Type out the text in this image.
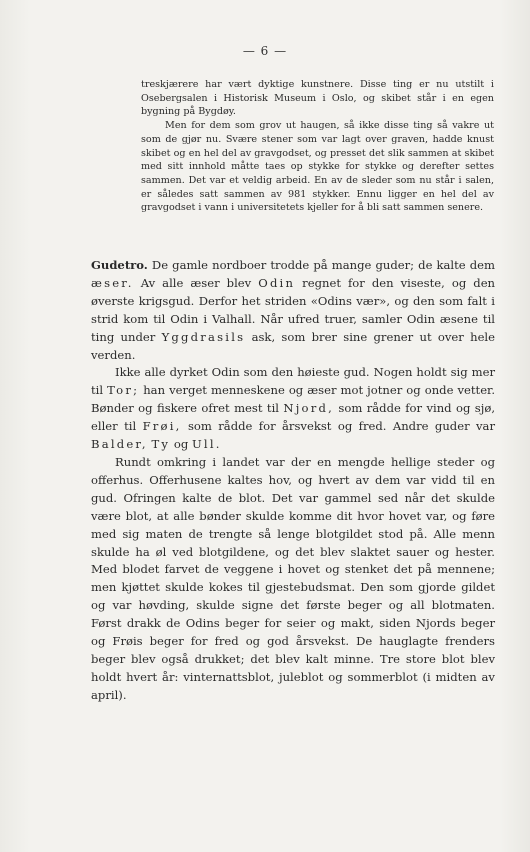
— 6 —

treskjærere har vært dyktige kunstnere. Disse ting er nu utstilt i Osebergsalen i Historisk Museum i Oslo, og skibet står i en egen bygning på Bygdøy.

Men for dem som grov ut haugen, så ikke disse ting så vakre ut som de gjør nu. Svære stener som var lagt over graven, hadde knust skibet og en hel del av gravgodset, og presset det slik sammen at skibet med sitt innhold måtte taes op stykke for stykke og derefter settes sammen. Det var et veldig arbeid. En av de sleder som nu står i salen, er således satt sammen av 981 stykker. Ennu ligger en hel del av gravgodset i vann i universitetets kjeller for å bli satt sammen senere.

Gudetro. De gamle nordboer trodde på mange guder; de kalte dem æser. Av alle æser blev Odin regnet for den viseste, og den øverste krigsgud. Derfor het striden «Odins vær», og den som falt i strid kom til Odin i Valhall. Når ufred truer, samler Odin æsene til ting under Yggdrasils ask, som brer sine grener ut over hele verden.

Ikke alle dyrket Odin som den høieste gud. Nogen holdt sig mer til Tor; han verget menneskene og æser mot jotner og onde vetter. Bønder og fiskere ofret mest til Njord, som rådde for vind og sjø, eller til Frøi, som rådde for årsvekst og fred. Andre guder var Balder, Ty og Ull.

Rundt omkring i landet var der en mengde hellige steder og offerhus. Offerhusene kaltes hov, og hvert av dem var vidd til en gud. Ofringen kalte de blot. Det var gammel sed når det skulde være blot, at alle bønder skulde komme dit hvor hovet var, og føre med sig maten de trengte så lenge blotgildet stod på. Alle menn skulde ha øl ved blotgildene, og det blev slaktet sauer og hester. Med blodet farvet de veggene i hovet og stenket det på mennene; men kjøttet skulde kokes til gjestebudsmat. Den som gjorde gildet og var høvding, skulde signe det første beger og all blotmaten. Først drakk de Odins beger for seier og makt, siden Njords beger og Frøis beger for fred og god årsvekst. De hauglagte frenders beger blev også drukket; det blev kalt minne. Tre store blot blev holdt hvert år: vinternattsblot, juleblot og sommerblot (i midten av april).
